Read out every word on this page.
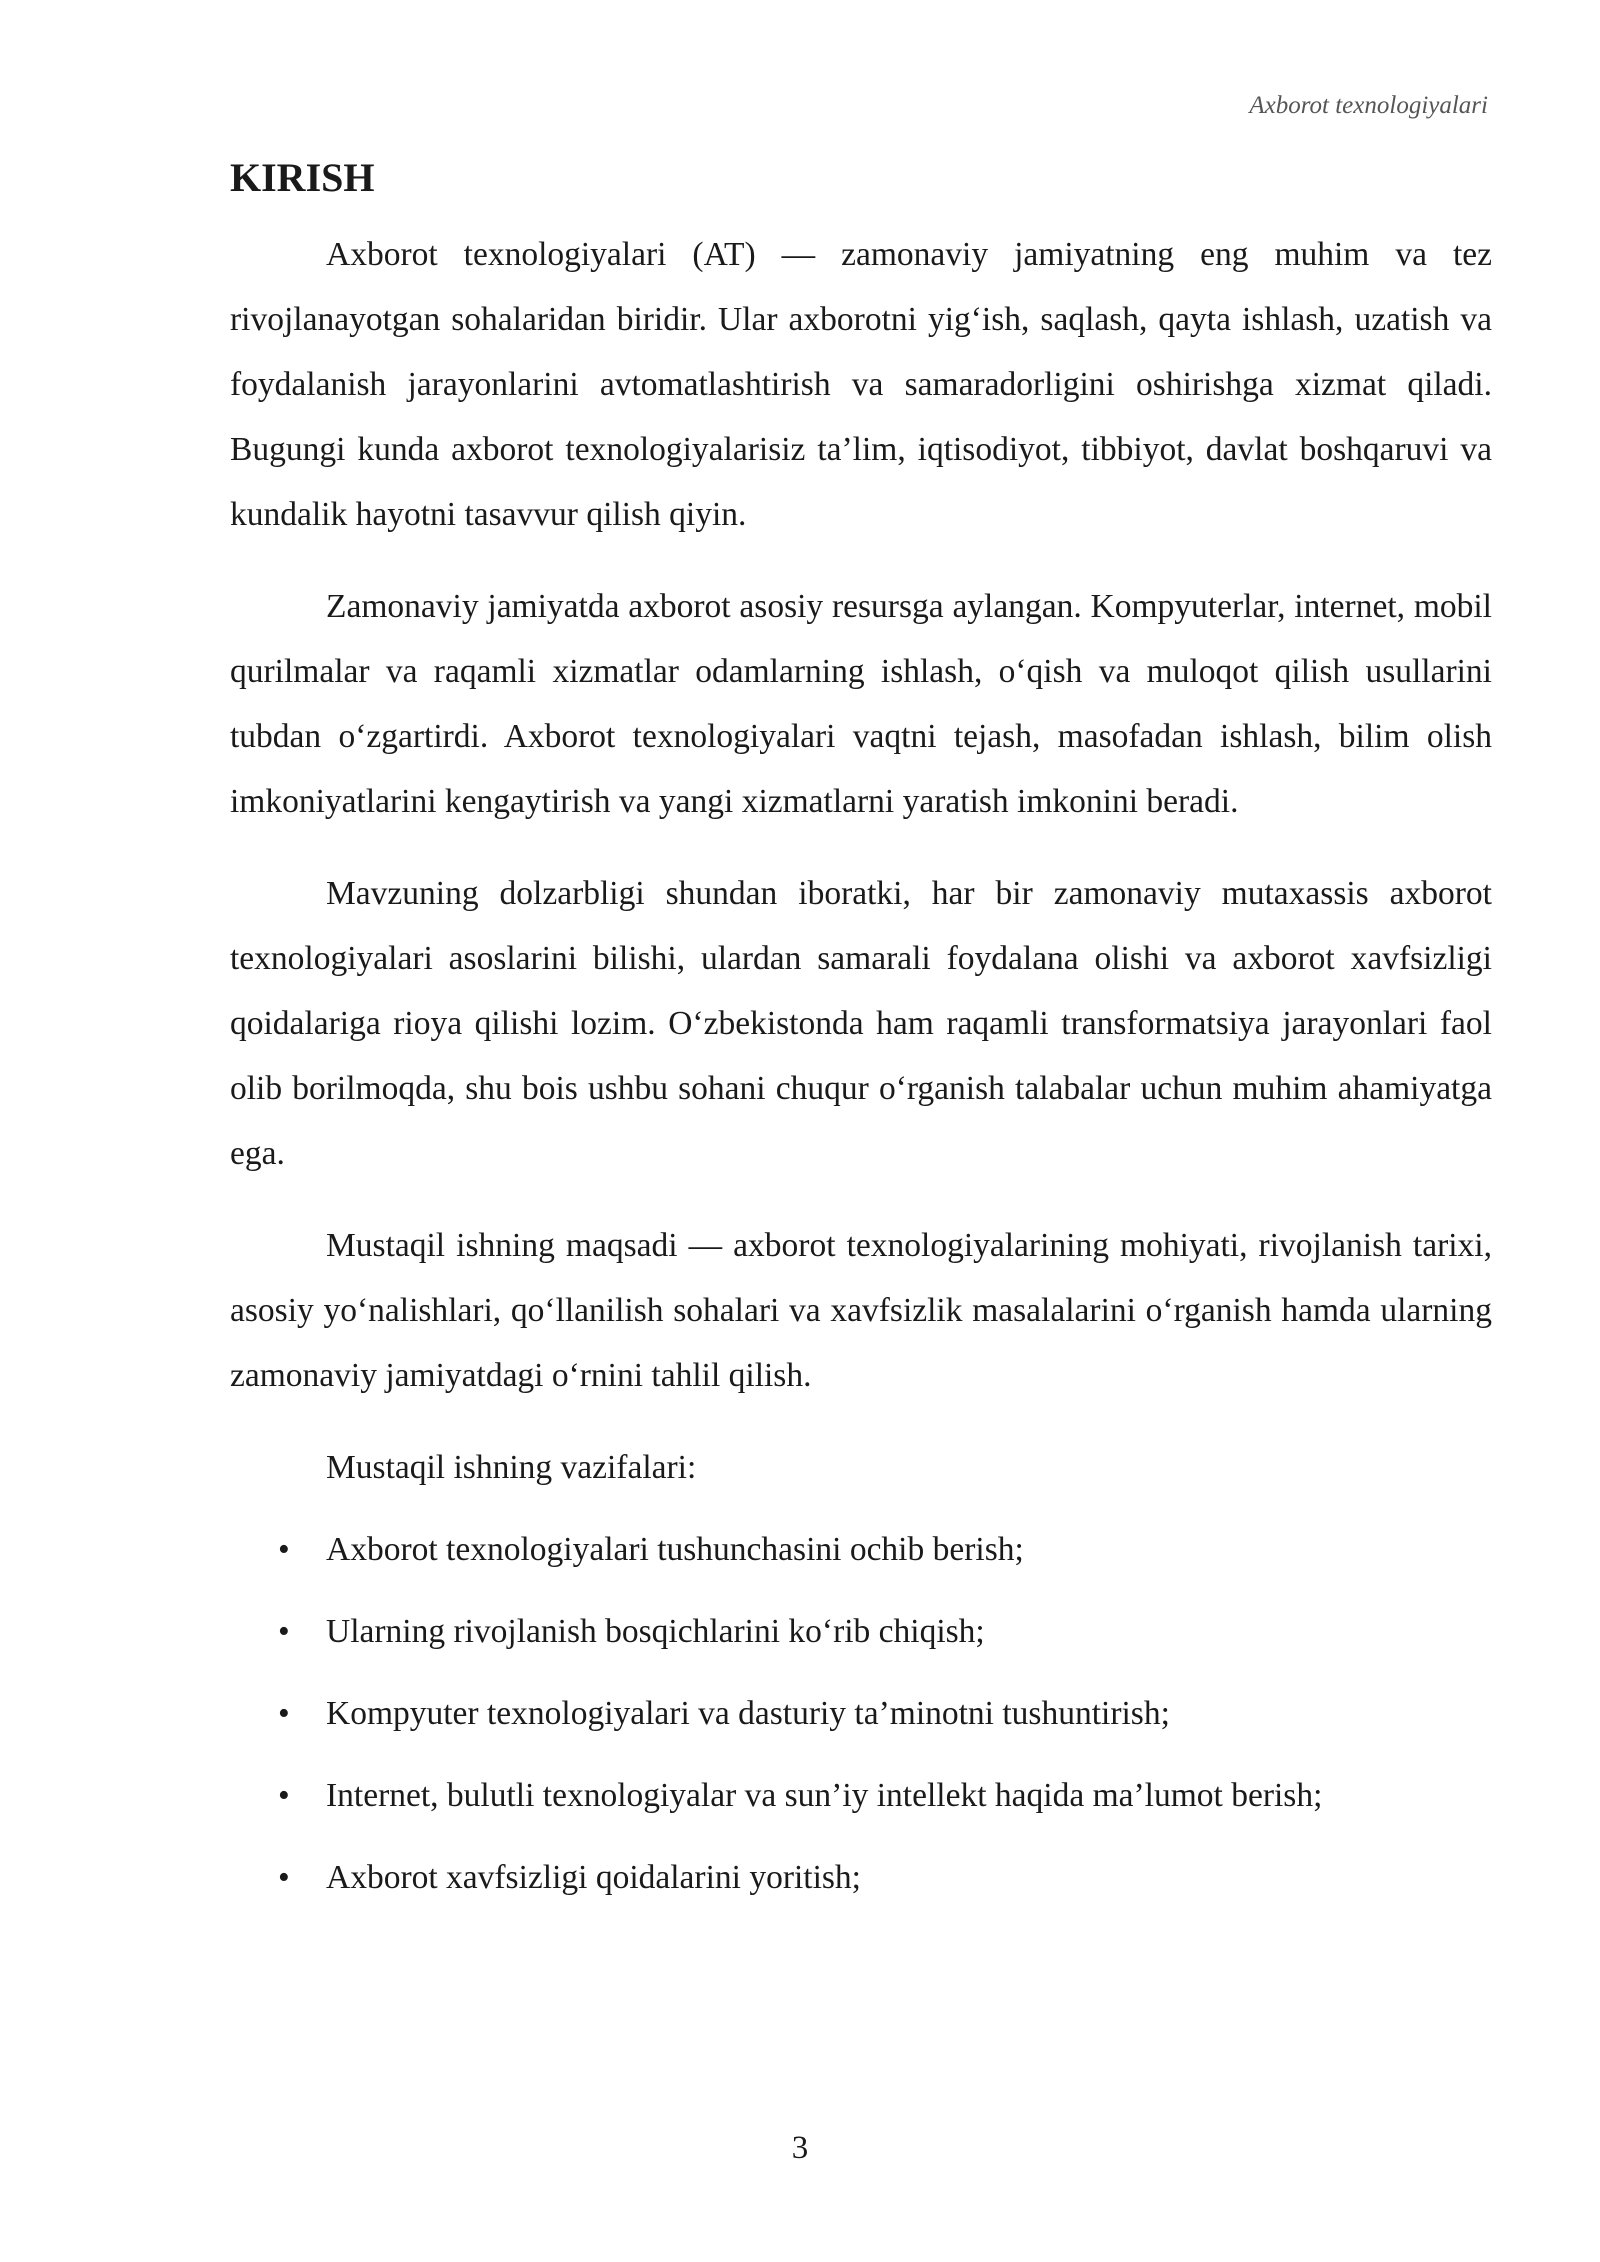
Axborot texnologiyalari
KIRISH

Axborot texnologiyalari (AT) — zamonaviy jamiyatning eng muhim va tez rivojlanayotgan sohalaridan biridir. Ular axborotni yig‘ish, saqlash, qayta ishlash, uzatish va foydalanish jarayonlarini avtomatlashtirish va samaradorligini oshirishga xizmat qiladi. Bugungi kunda axborot texnologiyalarisiz ta’lim, iqtisodiyot, tibbiyot, davlat boshqaruvi va kundalik hayotni tasavvur qilish qiyin.

Zamonaviy jamiyatda axborot asosiy resursga aylangan. Kompyuterlar, internet, mobil qurilmalar va raqamli xizmatlar odamlarning ishlash, o‘qish va muloqot qilish usullarini tubdan o‘zgartirdi. Axborot texnologiyalari vaqtni tejash, masofadan ishlash, bilim olish imkoniyatlarini kengaytirish va yangi xizmatlarni yaratish imkonini beradi.

Mavzuning dolzarbligi shundan iboratki, har bir zamonaviy mutaxassis axborot texnologiyalari asoslarini bilishi, ulardan samarali foydalana olishi va axborot xavfsizligi qoidalariga rioya qilishi lozim. O‘zbekistonda ham raqamli transformatsiya jarayonlari faol olib borilmoqda, shu bois ushbu sohani chuqur o‘rganish talabalar uchun muhim ahamiyatga ega.

Mustaqil ishning maqsadi — axborot texnologiyalarining mohiyati, rivojlanish tarixi, asosiy yo‘nalishlari, qo‘llanilish sohalari va xavfsizlik masalalarini o‘rganish hamda ularning zamonaviy jamiyatdagi o‘rnini tahlil qilish.

Mustaqil ishning vazifalari:

• Axborot texnologiyalari tushunchasini ochib berish;
• Ularning rivojlanish bosqichlarini ko‘rib chiqish;
• Kompyuter texnologiyalari va dasturiy ta’minotni tushuntirish;
• Internet, bulutli texnologiyalar va sun’iy intellekt haqida ma’lumot berish;
• Axborot xavfsizligi qoidalarini yoritish;
3
